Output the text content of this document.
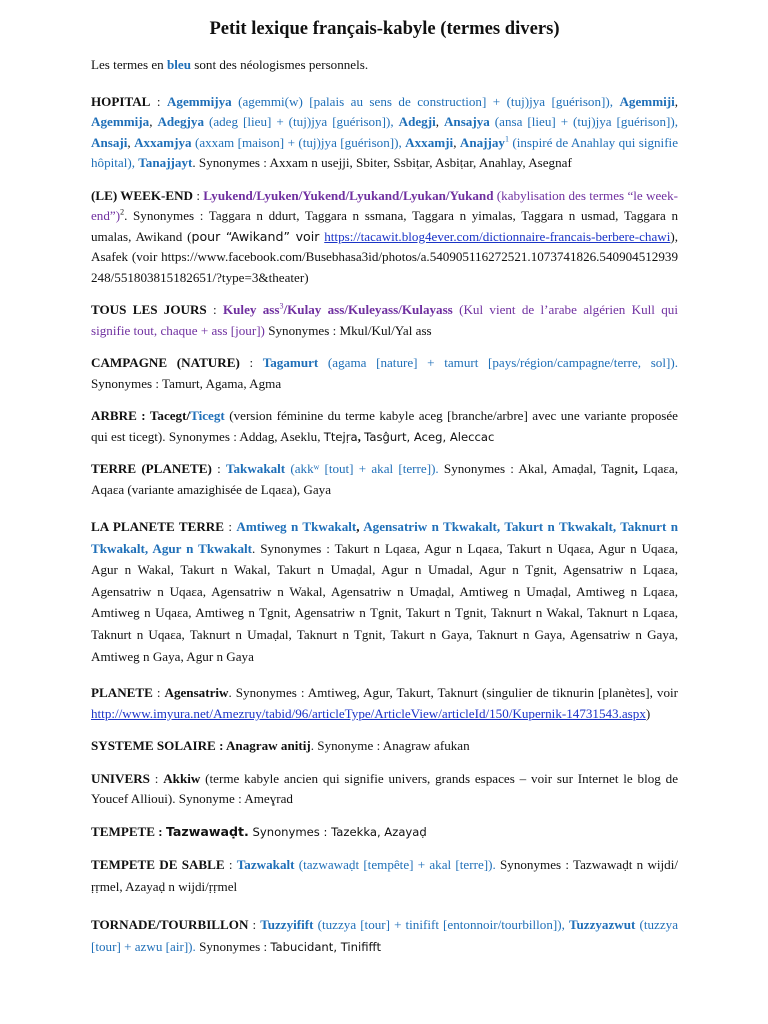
Petit lexique français-kabyle (termes divers)

Les termes en bleu sont des néologismes personnels.

HOPITAL : Agemmijya (agemmi(w) [palais au sens de construction] + (tuj)jya [guérison]), Agemmiji, Agemmija, Adegjya (adeg [lieu] + (tuj)jya [guérison]), Adegji, Ansajya (ansa [lieu] + (tuj)jya [guérison]), Ansaji, Axxamjya (axxam [maison] + (tuj)jya [guérison]), Axxamji, Anajjay$^1$ (inspiré de Anahlay qui signifie hôpital), Tanajjayt. Synonymes : Axxam n usejji, Sbiter, Ssbiṭar, Asbiṭar, Anahlay, Asegnaf

(LE) WEEK-END : Lyukend/Lyuken/Yukend/Lyukand/Lyukan/Yukand (kabylisation des termes “le week-end”)$^2$. Synonymes : Taggara n ddurt, Taggara n ssmana, Taggara n yimalas, Taggara n usmad, Taggara n umalas, Awikand (pour “Awikand” voir https://tacawit.blog4ever.com/dictionnaire-francais-berbere-chawi), Asafek (voir https://www.facebook.com/Busebhasa3id/photos/a.540905116272521.1073741826.540904512939248/551803815182651/?type=3&theater)

TOUS LES JOURS : Kuley ass$^3$/Kulay ass/Kuleyass/Kulayass (Kul vient de l’arabe algérien Kull qui signifie tout, chaque + ass [jour]) Synonymes : Mkul/Kul/Yal ass

CAMPAGNE (NATURE) : Tagamurt (agama [nature] + tamurt [pays/région/campagne/terre, sol]). Synonymes : Tamurt, Agama, Agma

ARBRE : Tacegt/Ticegt (version féminine du terme kabyle aceg [branche/arbre] avec une variante proposée qui est ticegt). Synonymes : Addag, Aseklu, Ttejṛa, Tasĝurt, Aceg, Aleccac

TERRE (PLANETE) : Takwakalt (akkʷ [tout] + akal [terre]). Synonymes : Akal, Amaḍal, Tagnit, Lqaɛa, Aqaɛa (variante amazighisée de Lqaɛa), Gaya

LA PLANETE TERRE : Amtiweg n Tkwakalt, Agensatriw n Tkwakalt, Takurt n Tkwakalt, Taknurt n Tkwakalt, Agur n Tkwakalt. Synonymes : Takurt n Lqaɛa, Agur n Lqaɛa, Takurt n Uqaɛa, Agur n Uqaɛa, Agur n Wakal, Takurt n Wakal, Takurt n Umaḍal, Agur n Umadal, Agur n Tgnit, Agensatriw n Lqaɛa, Agensatriw n Uqaɛa, Agensatriw n Wakal, Agensatriw n Umaḍal, Amtiweg n Umaḍal, Amtiweg n Lqaɛa, Amtiweg n Uqaɛa, Amtiweg n Tgnit, Agensatriw n Tgnit, Takurt n Tgnit, Taknurt n Wakal, Taknurt n Lqaɛa, Taknurt n Uqaɛa, Taknurt n Umaḍal, Taknurt n Tgnit, Takurt n Gaya, Taknurt n Gaya, Agensatriw n Gaya, Amtiweg n Gaya, Agur n Gaya

PLANETE : Agensatriw. Synonymes : Amtiweg, Agur, Takurt, Taknurt (singulier de tiknurin [planètes], voir http://www.imyura.net/Amezruy/tabid/96/articleType/ArticleView/articleId/150/Kupernik-14731543.aspx)

SYSTEME SOLAIRE : Anagraw anitij. Synonyme : Anagraw afukan

UNIVERS : Akkiw (terme kabyle ancien qui signifie univers, grands espaces – voir sur Internet le blog de Youcef Allioui). Synonyme : Ameɣrad

TEMPETE : Tazwawaḍt. Synonymes : Tazekka, Azayaḍ

TEMPETE DE SABLE : Tazwakalt (tazwawaḍt [tempête] + akal [terre]). Synonymes : Tazwawaḍt n wijdi/ṛṛmel, Azayaḍ n wijdi/ṛṛmel

TORNADE/TOURBILLON : Tuzzyifift (tuzzya [tour] + tinifift [entonnoir/tourbillon]), Tuzzyazwut (tuzzya [tour] + azwu [air]). Synonymes : Tabucidant, Tinififft
